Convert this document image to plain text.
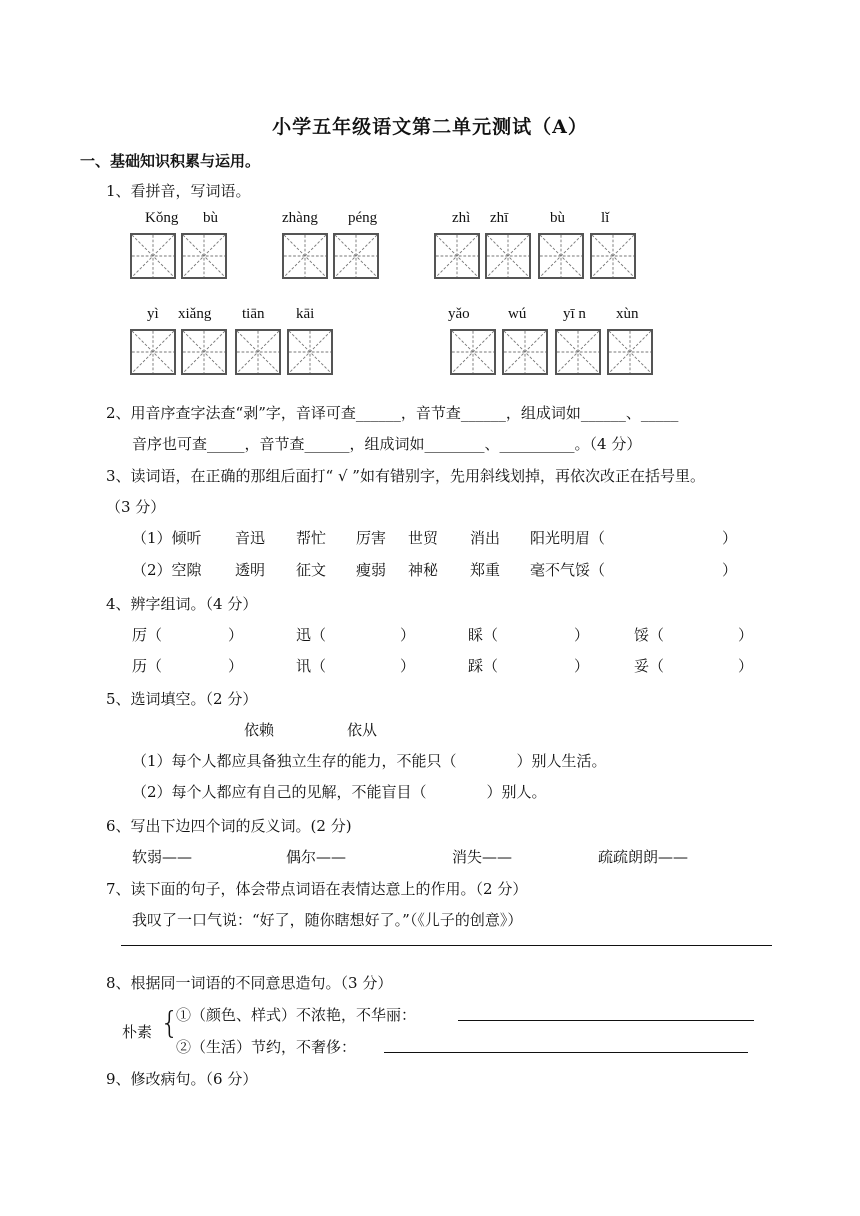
小学五年级语文第二单元测试（A）
一、基础知识积累与运用。
1、看拼音，写词语。
Kǒng bù	zhàng péng	zhì zhī	bù lǐ
yì xiǎng tiān kāi	yǎo	wú yī n xùn
2、用音序查字法查“剥”字，音译可查______，音节查______，组成词如______、_____
音序也可查_____，音节查______，组成词如________、__________。（4 分）
3、读词语，在正确的那组后面打“ √ ”如有错别字，先用斜线划掉，再依次改正在括号里。
（3 分）
（1）倾听 音迅 帮忙 厉害 世贸 消出 阳光明眉（	）
（2）空隙 透明 征文 瘦弱 神秘 郑重 毫不气馁（	）
4、辨字组词。（4 分）
厉（	）	迅（	）	睬（	）	馁（	）
历（	）	讯（	）	踩（	）	妥（	）
5、选词填空。（2 分）
依赖	依从
（1）每个人都应具备独立生存的能力，不能只（　　　　）别人生活。
（2）每个人都应有自己的见解，不能盲目（　　　　）别人。
6、写出下边四个词的反义词。(2 分)
软弱——	偶尔——	消失——	疏疏朗朗——
7、读下面的句子，体会带点词语在表情达意上的作用。（2 分）
我叹了一口气说：“好了，随你瞎想好了。”（《儿子的创意》）
8、根据同一词语的不同意思造句。（3 分）
朴素 {
①（颜色、样式）不浓艳，不华丽：
②（生活）节约，不奢侈：
9、修改病句。（6 分）
